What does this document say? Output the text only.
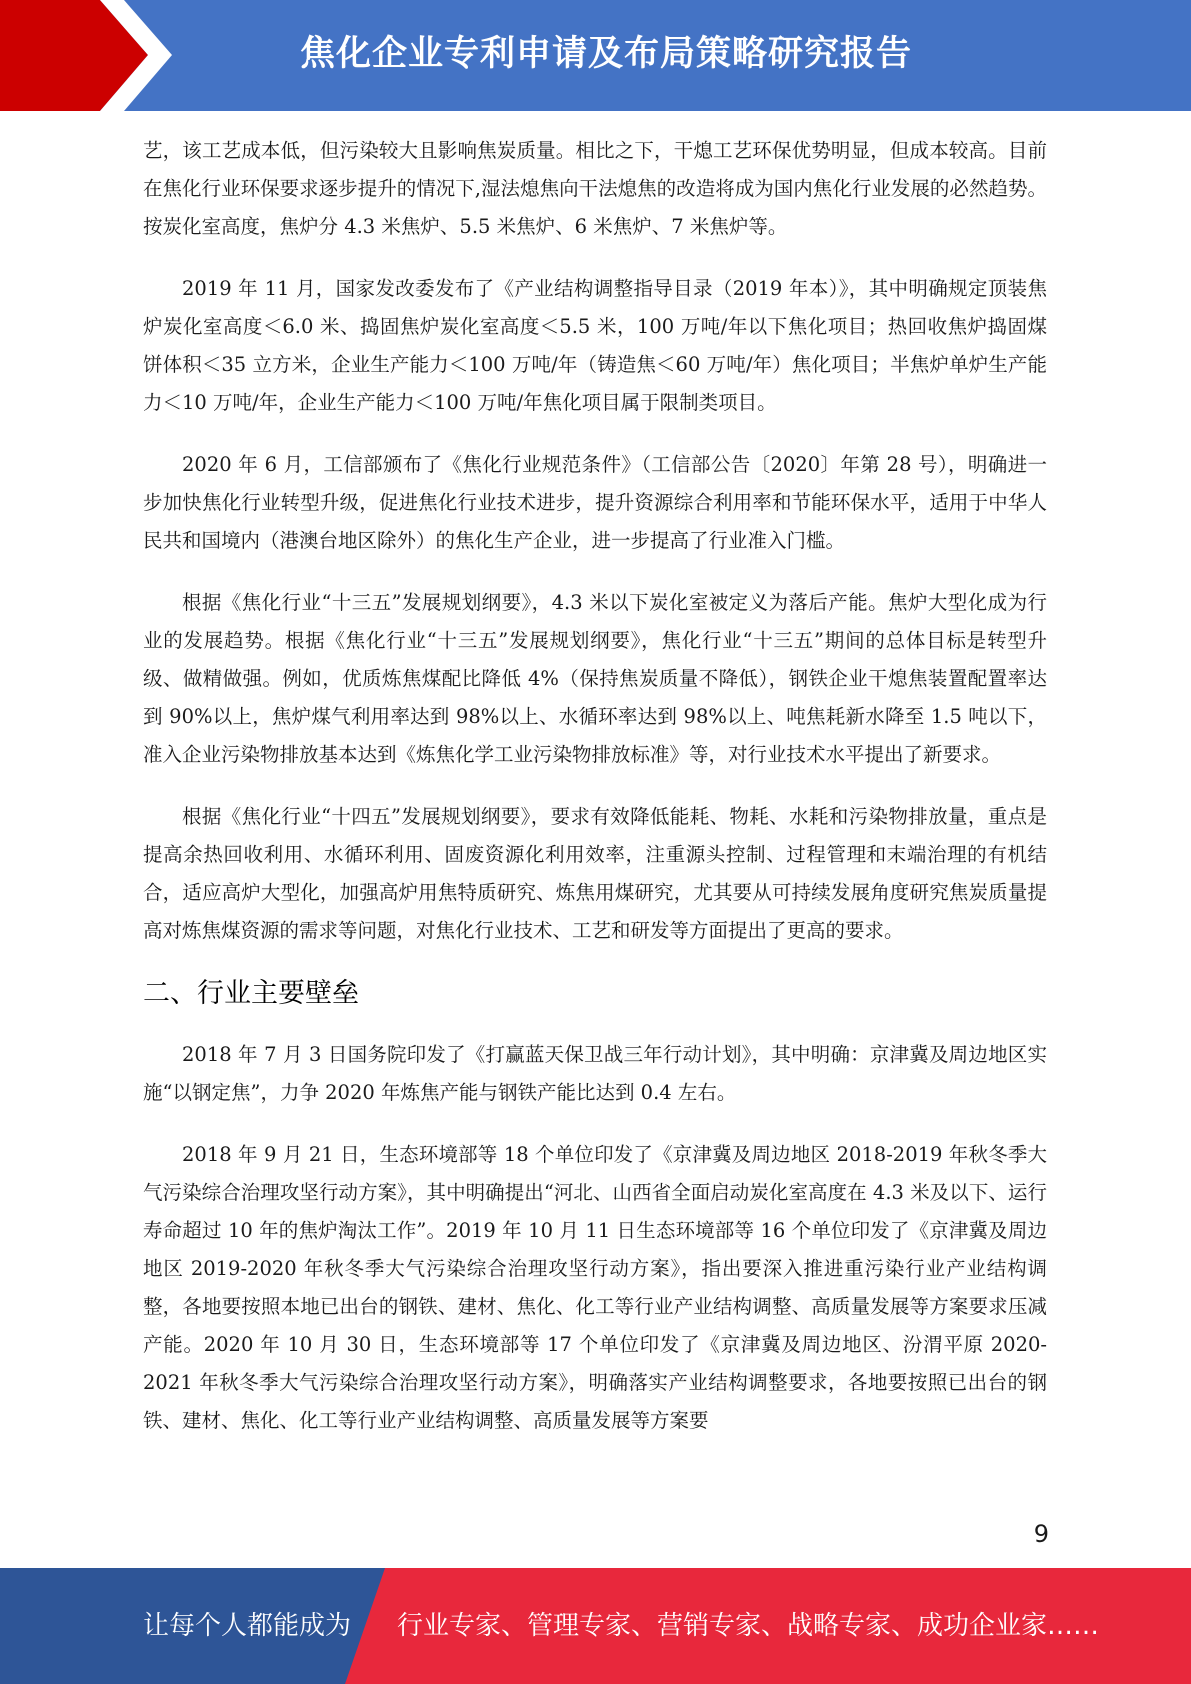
焦化企业专利申请及布局策略研究报告

艺，该工艺成本低，但污染较大且影响焦炭质量。相比之下，干熄工艺环保优势明显，但成本较高。目前在焦化行业环保要求逐步提升的情况下,湿法熄焦向干法熄焦的改造将成为国内焦化行业发展的必然趋势。按炭化室高度，焦炉分 4.3 米焦炉、5.5 米焦炉、6 米焦炉、7 米焦炉等。

2019 年 11 月，国家发改委发布了《产业结构调整指导目录（2019 年本）》，其中明确规定顶装焦炉炭化室高度＜6.0 米、捣固焦炉炭化室高度＜5.5 米，100 万吨/年以下焦化项目；热回收焦炉捣固煤饼体积＜35 立方米，企业生产能力＜100 万吨/年（铸造焦＜60 万吨/年）焦化项目；半焦炉单炉生产能力＜10 万吨/年，企业生产能力＜100 万吨/年焦化项目属于限制类项目。

2020 年 6 月，工信部颁布了《焦化行业规范条件》（工信部公告〔2020〕年第 28 号），明确进一步加快焦化行业转型升级，促进焦化行业技术进步，提升资源综合利用率和节能环保水平，适用于中华人民共和国境内（港澳台地区除外）的焦化生产企业，进一步提高了行业准入门槛。

根据《焦化行业“十三五”发展规划纲要》，4.3 米以下炭化室被定义为落后产能。焦炉大型化成为行业的发展趋势。根据《焦化行业“十三五”发展规划纲要》，焦化行业“十三五”期间的总体目标是转型升级、做精做强。例如，优质炼焦煤配比降低 4%（保持焦炭质量不降低），钢铁企业干熄焦装置配置率达到 90%以上，焦炉煤气利用率达到 98%以上、水循环率达到 98%以上、吨焦耗新水降至 1.5 吨以下，准入企业污染物排放基本达到《炼焦化学工业污染物排放标准》等，对行业技术水平提出了新要求。

根据《焦化行业“十四五”发展规划纲要》，要求有效降低能耗、物耗、水耗和污染物排放量，重点是提高余热回收利用、水循环利用、固废资源化利用效率，注重源头控制、过程管理和末端治理的有机结合，适应高炉大型化，加强高炉用焦特质研究、炼焦用煤研究，尤其要从可持续发展角度研究焦炭质量提高对炼焦煤资源的需求等问题，对焦化行业技术、工艺和研发等方面提出了更高的要求。

二、行业主要壁垒

2018 年 7 月 3 日国务院印发了《打赢蓝天保卫战三年行动计划》，其中明确：京津冀及周边地区实施“以钢定焦”，力争 2020 年炼焦产能与钢铁产能比达到 0.4 左右。

2018 年 9 月 21 日，生态环境部等 18 个单位印发了《京津冀及周边地区 2018-2019 年秋冬季大气污染综合治理攻坚行动方案》，其中明确提出“河北、山西省全面启动炭化室高度在 4.3 米及以下、运行寿命超过 10 年的焦炉淘汰工作”。2019 年 10 月 11 日生态环境部等 16 个单位印发了《京津冀及周边地区 2019-2020 年秋冬季大气污染综合治理攻坚行动方案》，指出要深入推进重污染行业产业结构调整，各地要按照本地已出台的钢铁、建材、焦化、化工等行业产业结构调整、高质量发展等方案要求压减产能。2020 年 10 月 30 日，生态环境部等 17 个单位印发了《京津冀及周边地区、汾渭平原 2020-2021 年秋冬季大气污染综合治理攻坚行动方案》，明确落实产业结构调整要求，各地要按照已出台的钢铁、建材、焦化、化工等行业产业结构调整、高质量发展等方案要

9
让每个人都能成为 行业专家、管理专家、营销专家、战略专家、成功企业家……
